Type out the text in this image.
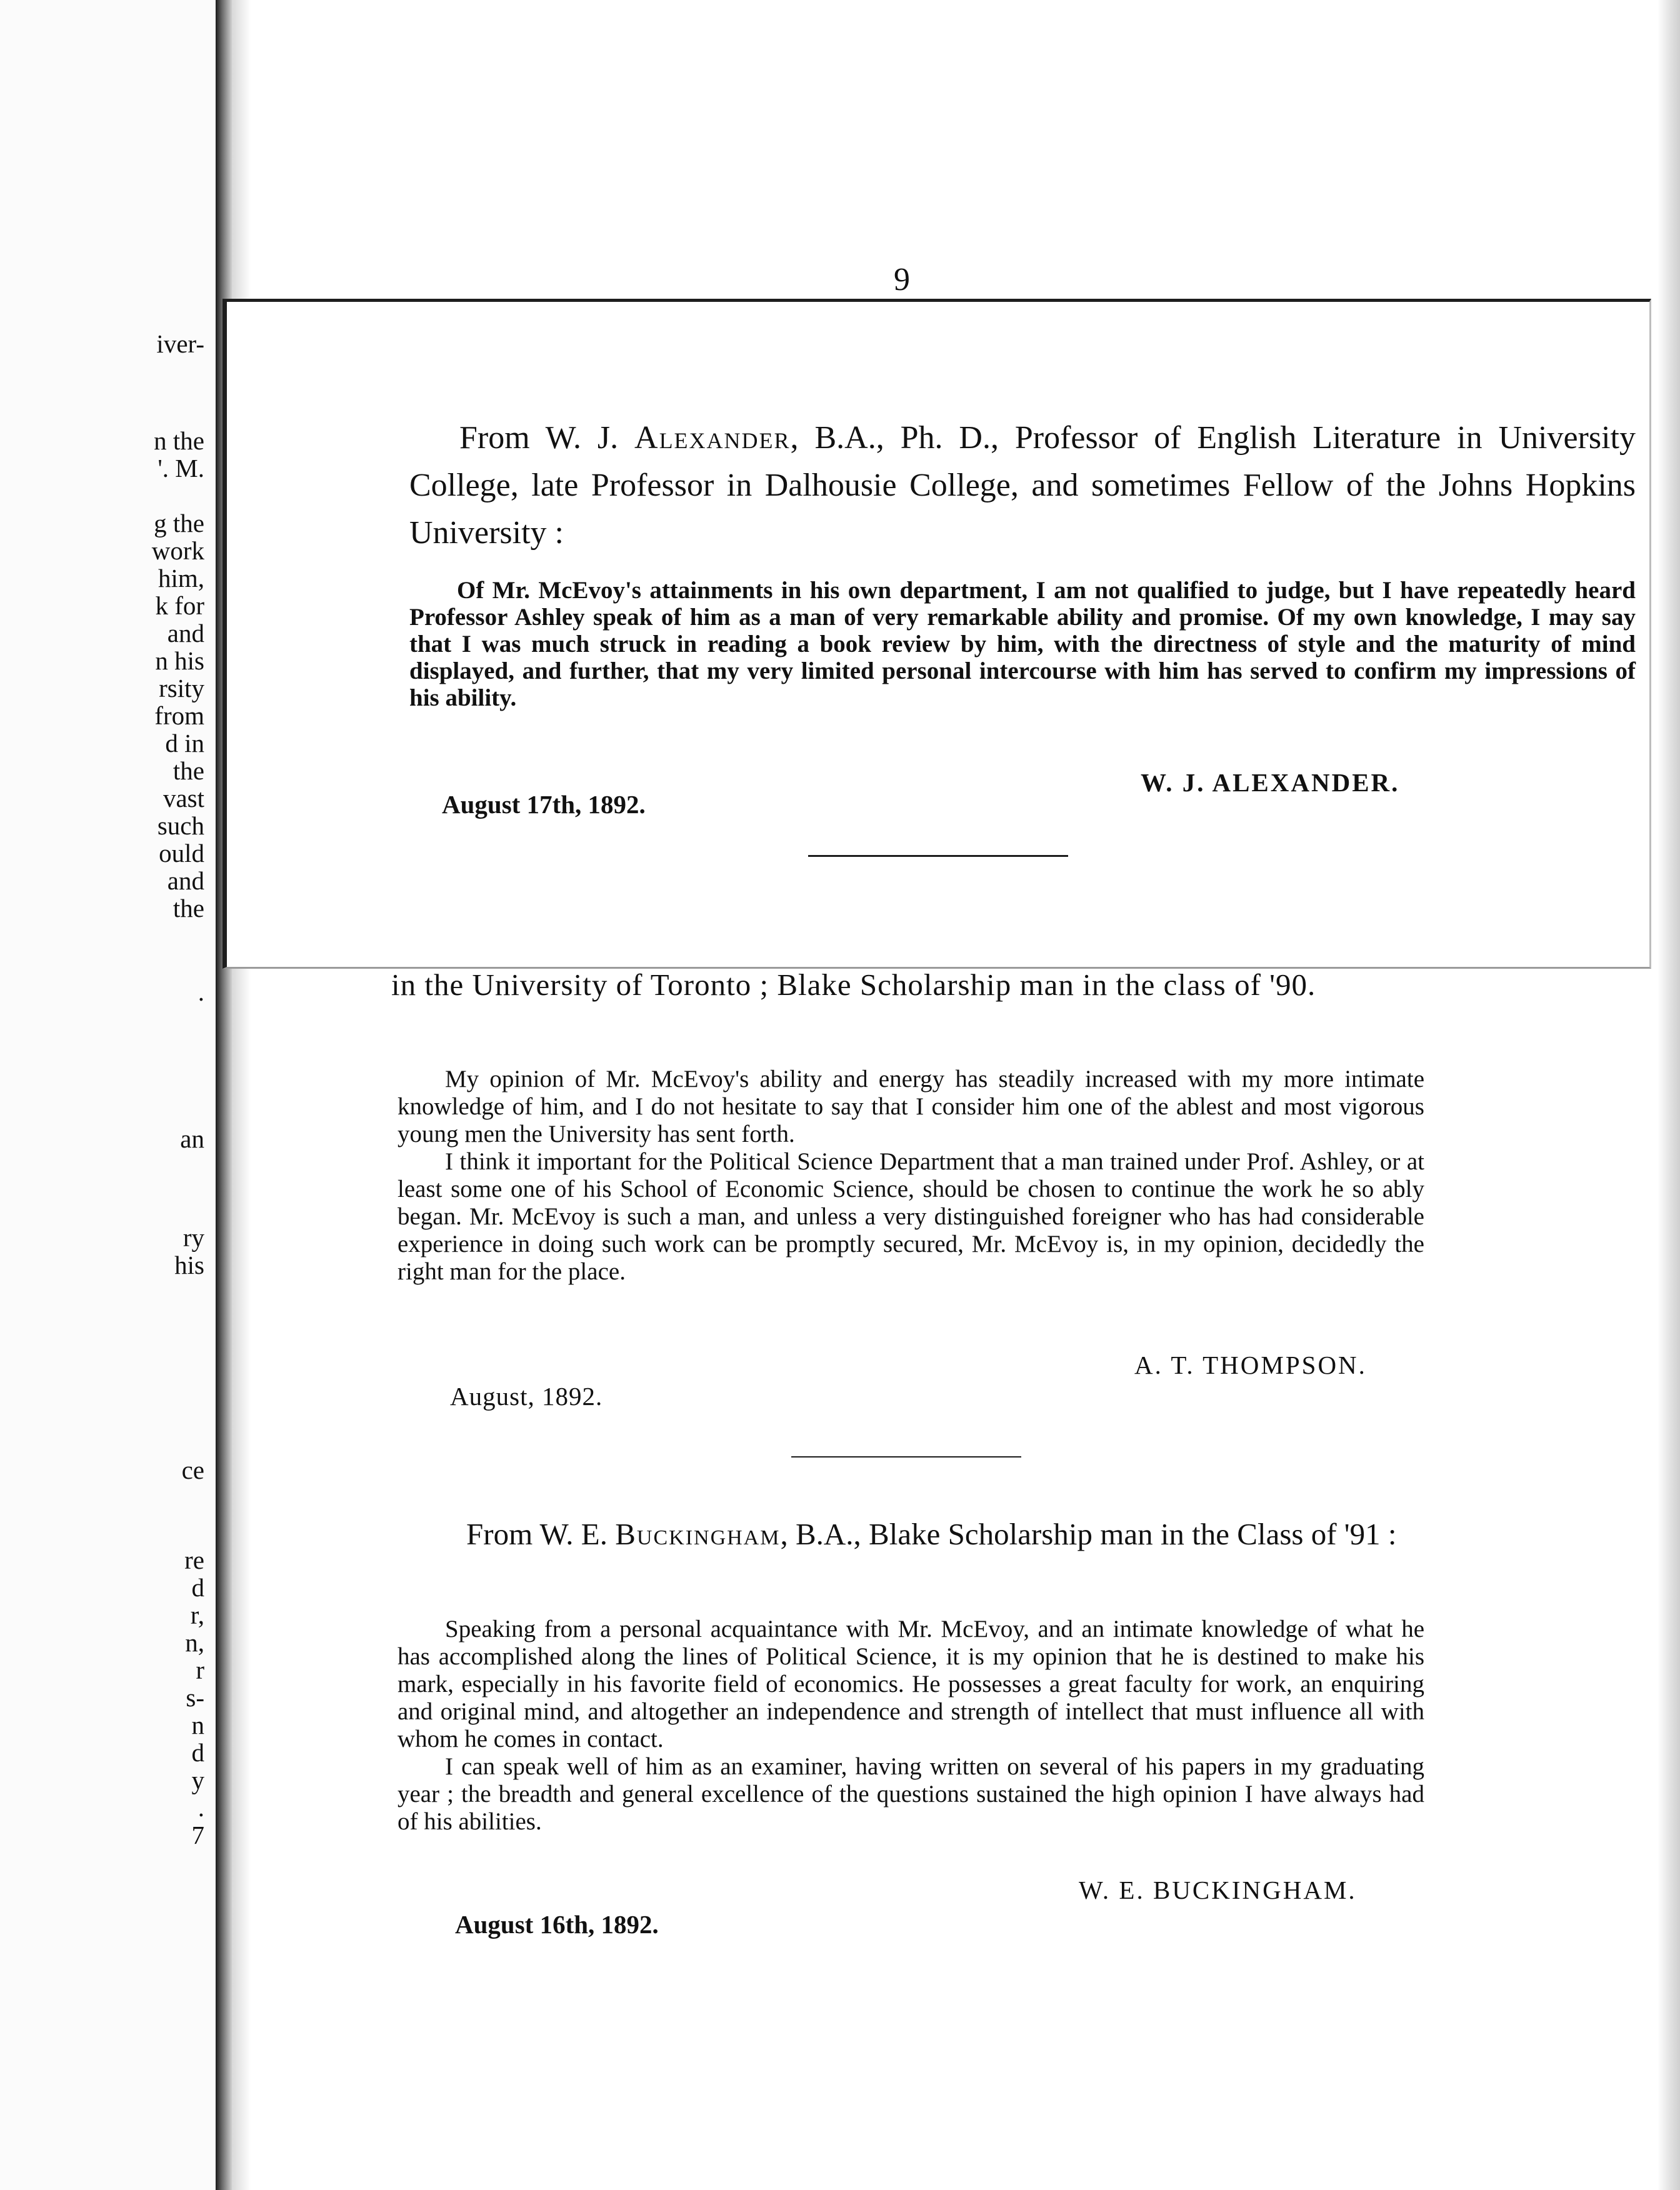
iver-
n the
'. M.
g the
work
him,
k for
and
n his
rsity
from
d in
the
vast
such
ould
and
the
.
an
ry
his
ce
re
d
r,
n,
r
s-
n
d
y
.
7
9
From W. J. Alexander, B.A., Ph. D., Professor of English Literature in University College, late Professor in Dalhousie College, and sometimes Fellow of the Johns Hopkins University :

Of Mr. McEvoy's attainments in his own department, I am not qualified to judge, but I have repeatedly heard Professor Ashley speak of him as a man of very remarkable ability and promise. Of my own knowledge, I may say that I was much struck in reading a book review by him, with the directness of style and the maturity of mind displayed, and further, that my very limited personal intercourse with him has served to confirm my impressions of his ability.

W. J. ALEXANDER.
August 17th, 1892.
in the University of Toronto ; Blake Scholarship man in the class of '90.

My opinion of Mr. McEvoy's ability and energy has steadily increased with my more intimate knowledge of him, and I do not hesitate to say that I consider him one of the ablest and most vigorous young men the University has sent forth.

I think it important for the Political Science Department that a man trained under Prof. Ashley, or at least some one of his School of Economic Science, should be chosen to continue the work he so ably began. Mr. McEvoy is such a man, and unless a very distinguished foreigner who has had considerable experience in doing such work can be promptly secured, Mr. McEvoy is, in my opinion, decidedly the right man for the place.

A. T. THOMPSON.
August, 1892.
From W. E. Buckingham, B.A., Blake Scholarship man in the Class of '91 :

Speaking from a personal acquaintance with Mr. McEvoy, and an intimate knowledge of what he has accomplished along the lines of Political Science, it is my opinion that he is destined to make his mark, especially in his favorite field of economics. He possesses a great faculty for work, an enquiring and original mind, and altogether an independence and strength of intellect that must influence all with whom he comes in contact.

I can speak well of him as an examiner, having written on several of his papers in my graduating year ; the breadth and general excellence of the questions sustained the high opinion I have always had of his abilities.

W. E. BUCKINGHAM.
August 16th, 1892.
